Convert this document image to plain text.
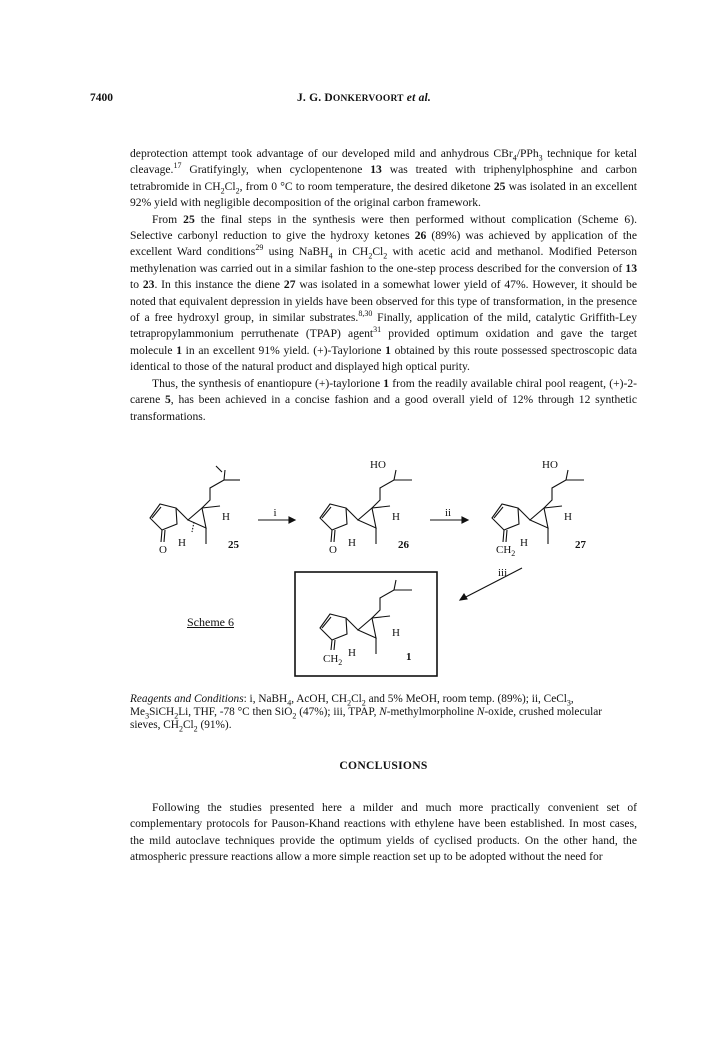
7400	J. G. DONKERVOORT et al.

deprotection attempt took advantage of our developed mild and anhydrous CBr$_4$/PPh$_3$ technique for ketal cleavage.$^{17}$ Gratifyingly, when cyclopentenone 13 was treated with triphenylphosphine and carbon tetrabromide in $CH_2Cl_2$, from 0 °C to room temperature, the desired diketone 25 was isolated in an excellent 92% yield with negligible decomposition of the original carbon framework.

From 25 the final steps in the synthesis were then performed without complication (Scheme 6). Selective carbonyl reduction to give the hydroxy ketones 26 (89%) was achieved by application of the excellent Ward conditions$^{29}$ using NaBH$_4$ in $CH_2Cl_2$ with acetic acid and methanol. Modified Peterson methylenation was carried out in a similar fashion to the one-step process described for the conversion of 13 to 23. In this instance the diene 27 was isolated in a somewhat lower yield of 47%. However, it should be noted that equivalent depression in yields have been observed for this type of transformation, in the presence of a free hydroxyl group, in similar substrates.$^{8,30}$ Finally, application of the mild, catalytic Griffith-Ley tetrapropylammonium perruthenate (TPAP) agent$^{31}$ provided optimum oxidation and gave the target molecule 1 in an excellent 91% yield. (+)-Taylorione 1 obtained by this route possessed spectroscopic data identical to those of the natural product and displayed high optical purity.

Thus, the synthesis of enantiopure (+)-taylorione 1 from the readily available chiral pool reagent, (+)-2-carene 5, has been achieved in a concise fashion and a good overall yield of 12% through 12 synthetic transformations.

O
H
H
25
i
HO
O
H
H
26
ii
HO
$CH_2$
H
H
27
iii
$CH_2$
H
H
1
Scheme 6
Reagents and Conditions: i, NaBH$_4$, AcOH, $CH_2Cl_2$ and 5% MeOH, room temp. (89%); ii, CeCl$_3$, $Me_3SiCH_2Li$, THF, -78 °C then SiO$_2$ (47%); iii, TPAP, N-methylmorpholine N-oxide, crushed molecular sieves, $CH_2Cl_2$ (91%).
CONCLUSIONS

Following the studies presented here a milder and much more practically convenient set of complementary protocols for Pauson-Khand reactions with ethylene have been established. In most cases, the mild autoclave techniques provide the optimum yields of cyclised products. On the other hand, the atmospheric pressure reactions allow a more simple reaction set up to be adopted without the need for
